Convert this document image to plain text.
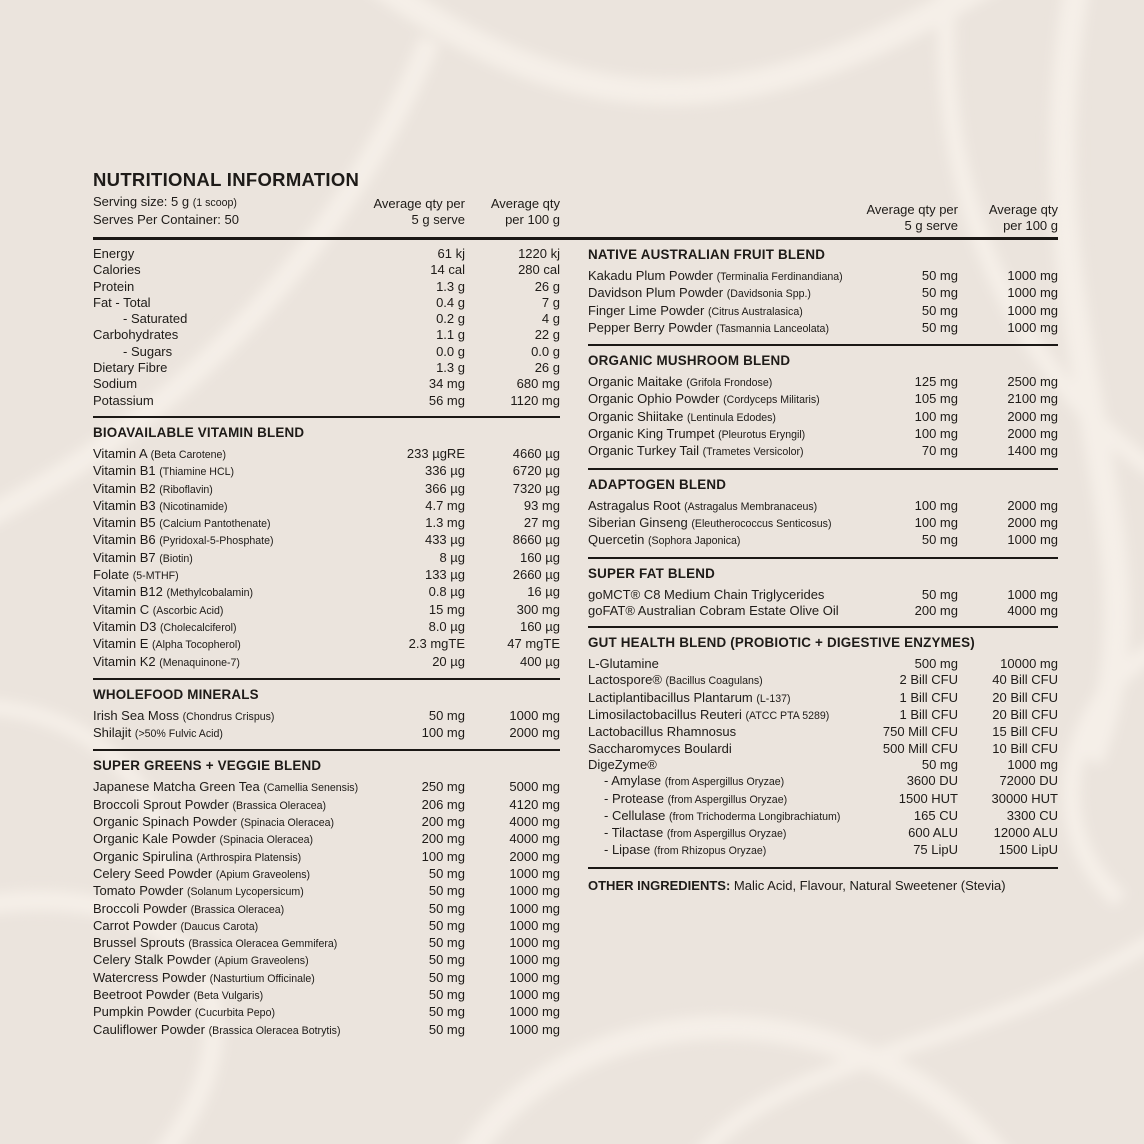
NUTRITIONAL INFORMATION
Serving size: 5 g (1 scoop)
Serves Per Container: 50
Average qty per
5 g serve
Average qty
per 100 g
Average qty per
5 g serve
Average qty
per 100 g
Energy	61 kj	1220 kj
Calories	14 cal	280 cal
Protein	1.3 g	26 g
Fat - Total	0.4 g	7 g
- Saturated	0.2 g	4 g
Carbohydrates	1.1 g	22 g
- Sugars	0.0 g	0.0 g
Dietary Fibre	1.3 g	26 g
Sodium	34 mg	680 mg
Potassium	56 mg	1120 mg
BIOAVAILABLE VITAMIN BLEND
Vitamin A (Beta Carotene)	233 µgRE	4660 µg
Vitamin B1 (Thiamine HCL)	336 µg	6720 µg
Vitamin B2 (Riboflavin)	366 µg	7320 µg
Vitamin B3 (Nicotinamide)	4.7 mg	93 mg
Vitamin B5 (Calcium Pantothenate)	1.3 mg	27 mg
Vitamin B6 (Pyridoxal-5-Phosphate)	433 µg	8660 µg
Vitamin B7 (Biotin)	8 µg	160 µg
Folate (5-MTHF)	133 µg	2660 µg
Vitamin B12 (Methylcobalamin)	0.8 µg	16 µg
Vitamin C (Ascorbic Acid)	15 mg	300 mg
Vitamin D3 (Cholecalciferol)	8.0 µg	160 µg
Vitamin E (Alpha Tocopherol)	2.3 mgTE	47 mgTE
Vitamin K2 (Menaquinone-7)	20 µg	400 µg
WHOLEFOOD MINERALS
Irish Sea Moss (Chondrus Crispus)	50 mg	1000 mg
Shilajit (>50% Fulvic Acid)	100 mg	2000 mg
SUPER GREENS + VEGGIE BLEND
Japanese Matcha Green Tea (Camellia Senensis)	250 mg	5000 mg
Broccoli Sprout Powder (Brassica Oleracea)	206 mg	4120 mg
Organic Spinach Powder (Spinacia Oleracea)	200 mg	4000 mg
Organic Kale Powder (Spinacia Oleracea)	200 mg	4000 mg
Organic Spirulina (Arthrospira Platensis)	100 mg	2000 mg
Celery Seed Powder (Apium Graveolens)	50 mg	1000 mg
Tomato Powder (Solanum Lycopersicum)	50 mg	1000 mg
Broccoli Powder (Brassica Oleracea)	50 mg	1000 mg
Carrot Powder (Daucus Carota)	50 mg	1000 mg
Brussel Sprouts (Brassica Oleracea Gemmifera)	50 mg	1000 mg
Celery Stalk Powder (Apium Graveolens)	50 mg	1000 mg
Watercress Powder (Nasturtium Officinale)	50 mg	1000 mg
Beetroot Powder (Beta Vulgaris)	50 mg	1000 mg
Pumpkin Powder (Cucurbita Pepo)	50 mg	1000 mg
Cauliflower Powder (Brassica Oleracea Botrytis)	50 mg	1000 mg
NATIVE AUSTRALIAN FRUIT BLEND
Kakadu Plum Powder (Terminalia Ferdinandiana)	50 mg	1000 mg
Davidson Plum Powder (Davidsonia Spp.)	50 mg	1000 mg
Finger Lime Powder (Citrus Australasica)	50 mg	1000 mg
Pepper Berry Powder (Tasmannia Lanceolata)	50 mg	1000 mg
ORGANIC MUSHROOM BLEND
Organic Maitake (Grifola Frondose)	125 mg	2500 mg
Organic Ophio Powder (Cordyceps Militaris)	105 mg	2100 mg
Organic Shiitake (Lentinula Edodes)	100 mg	2000 mg
Organic King Trumpet (Pleurotus Eryngil)	100 mg	2000 mg
Organic Turkey Tail (Trametes Versicolor)	70 mg	1400 mg
ADAPTOGEN BLEND
Astragalus Root (Astragalus Membranaceus)	100 mg	2000 mg
Siberian Ginseng (Eleutherococcus Senticosus)	100 mg	2000 mg
Quercetin (Sophora Japonica)	50 mg	1000 mg
SUPER FAT BLEND
goMCT® C8 Medium Chain Triglycerides	50 mg	1000 mg
goFAT® Australian Cobram Estate Olive Oil	200 mg	4000 mg
GUT HEALTH BLEND (PROBIOTIC + DIGESTIVE ENZYMES)
L-Glutamine	500 mg	10000 mg
Lactospore® (Bacillus Coagulans)	2 Bill CFU	40 Bill CFU
Lactiplantibacillus Plantarum (L-137)	1 Bill CFU	20 Bill CFU
Limosilactobacillus Reuteri (ATCC PTA 5289)	1 Bill CFU	20 Bill CFU
Lactobacillus Rhamnosus	750 Mill CFU	15 Bill CFU
Saccharomyces Boulardi	500 Mill CFU	10 Bill CFU
DigeZyme®	50 mg	1000 mg
- Amylase (from Aspergillus Oryzae)	3600 DU	72000 DU
- Protease (from Aspergillus Oryzae)	1500 HUT	30000 HUT
- Cellulase (from Trichoderma Longibrachiatum)	165 CU	3300 CU
- Tilactase (from Aspergillus Oryzae)	600 ALU	12000 ALU
- Lipase (from Rhizopus Oryzae)	75 LipU	1500 LipU
OTHER INGREDIENTS: Malic Acid, Flavour, Natural Sweetener (Stevia)
